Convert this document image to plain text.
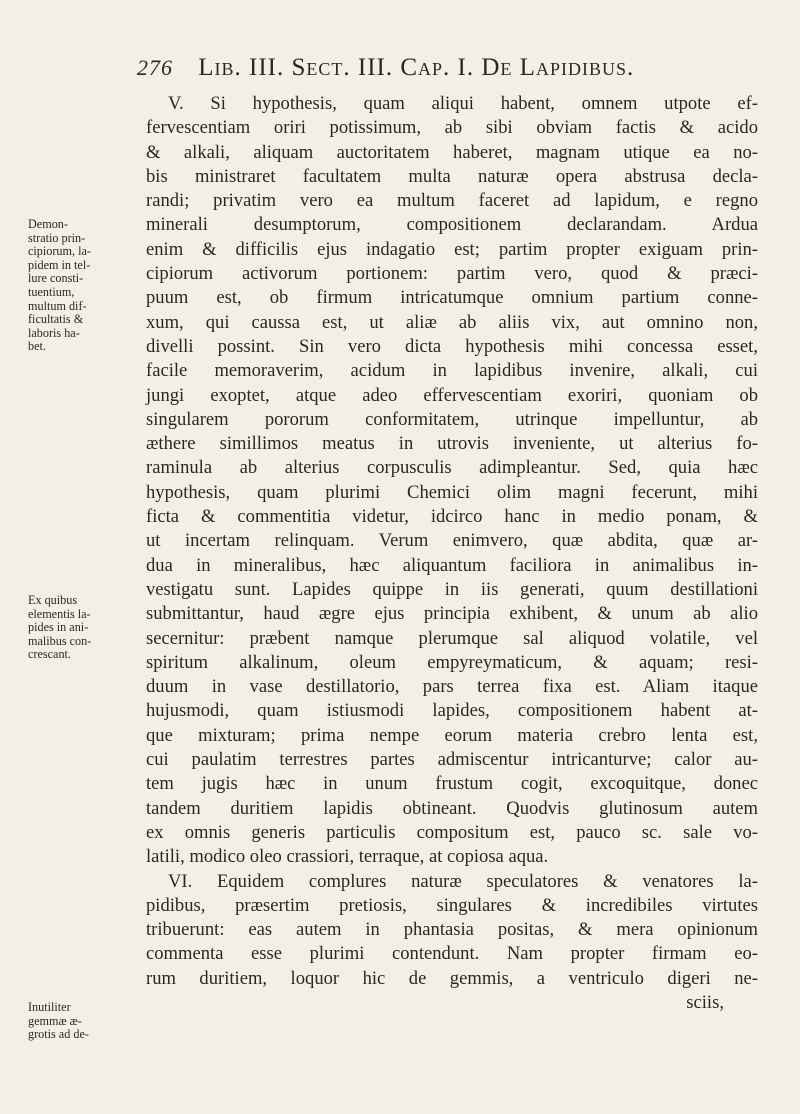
276 Lib. III. Sect. III. Cap. I. De Lapidibus.
V. Si hypothesis, quam aliqui habent, omnem utpote ef-
fervescentiam oriri potissimum, ab sibi obviam factis & acido
& alkali, aliquam auctoritatem haberet, magnam utique ea no-
bis ministraret facultatem multa naturæ opera abstrusa decla-
randi; privatim vero ea multum faceret ad lapidum, e regno
minerali desumptorum, compositionem declarandam. Ardua
enim & difficilis ejus indagatio est; partim propter exiguam prin-
cipiorum activorum portionem: partim vero, quod & præci-
puum est, ob firmum intricatumque omnium partium conne-
xum, qui caussa est, ut aliæ ab aliis vix, aut omnino non,
divelli possint. Sin vero dicta hypothesis mihi concessa esset,
facile memoraverim, acidum in lapidibus invenire, alkali, cui
jungi exoptet, atque adeo effervescentiam exoriri, quoniam ob
singularem pororum conformitatem, utrinque impelluntur, ab
æthere simillimos meatus in utrovis inveniente, ut alterius fo-
raminula ab alterius corpusculis adimpleantur. Sed, quia hæc
hypothesis, quam plurimi Chemici olim magni fecerunt, mihi
ficta & commentitia videtur, idcirco hanc in medio ponam, &
ut incertam relinquam. Verum enimvero, quæ abdita, quæ ar-
dua in mineralibus, hæc aliquantum faciliora in animalibus in-
vestigatu sunt. Lapides quippe in iis generati, quum destillationi
submittantur, haud ægre ejus principia exhibent, & unum ab alio
secernitur: præbent namque plerumque sal aliquod volatile, vel
spiritum alkalinum, oleum empyreymaticum, & aquam; resi-
duum in vase destillatorio, pars terrea fixa est. Aliam itaque
hujusmodi, quam istiusmodi lapides, compositionem habent at-
que mixturam; prima nempe eorum materia crebro lenta est,
cui paulatim terrestres partes admiscentur intricanturve; calor au-
tem jugis hæc in unum frustum cogit, excoquitque, donec
tandem duritiem lapidis obtineant. Quodvis glutinosum autem
ex omnis generis particulis compositum est, pauco sc. sale vo-
latili, modico oleo crassiori, terraque, at copiosa aqua.
VI. Equidem complures naturæ speculatores & venatores la-
pidibus, præsertim pretiosis, singulares & incredibiles virtutes
tribuerunt: eas autem in phantasia positas, & mera opinionum
commenta esse plurimi contendunt. Nam propter firmam eo-
rum duritiem, loquor hic de gemmis, a ventriculo digeri ne-
sciis,
Demon-
stratio prin-
cipiorum, la-
pidem in tel-
lure consti-
tuentium,
multum dif-
ficultatis &
laboris ha-
bet.
Ex quibus
elementis la-
pides in ani-
malibus con-
crescant.
Inutiliter
gemmæ æ-
grotis ad de-
